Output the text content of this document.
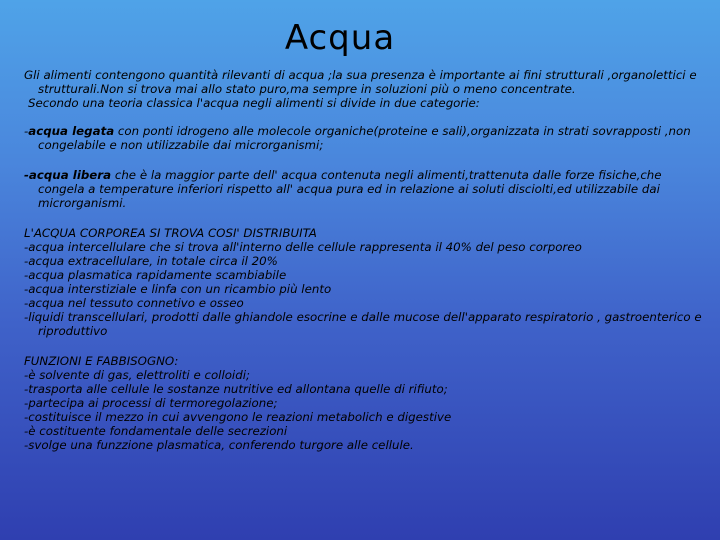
Acqua

Gli alimenti contengono quantità rilevanti di acqua ;la sua presenza è importante ai fini strutturali ,organolettici e strutturali.Non si trova mai allo stato puro,ma sempre in soluzioni più o meno concentrate.

Secondo una teoria classica l'acqua negli alimenti si divide in due categorie:

-acqua legata con ponti idrogeno alle molecole organiche(proteine e sali),organizzata in strati sovrapposti ,non congelabile e non utilizzabile dai microrganismi;

-acqua libera che è la maggior parte dell' acqua contenuta negli alimenti,trattenuta dalle forze fisiche,che congela a temperature inferiori rispetto all' acqua pura ed in relazione ai soluti disciolti,ed utilizzabile dai microrganismi.

L'ACQUA CORPOREA SI TROVA COSI' DISTRIBUITA

-acqua intercellulare che si trova all'interno delle cellule rappresenta il 40% del peso corporeo

-acqua extracellulare, in totale circa il 20%

-acqua plasmatica rapidamente scambiabile

-acqua interstiziale e linfa con un ricambio più lento

-acqua nel tessuto connetivo e osseo

-liquidi transcellulari, prodotti dalle ghiandole esocrine e dalle mucose dell'apparato respiratorio , gastroenterico e riproduttivo

FUNZIONI E FABBISOGNO:

-è solvente di gas, elettroliti e colloidi;

-trasporta alle cellule le sostanze nutritive ed allontana quelle di rifiuto;

-partecipa ai processi di termoregolazione;

-costituisce il mezzo in cui avvengono le reazioni metabolich e digestive

-è costituente fondamentale delle secrezioni

-svolge una funzzione plasmatica, conferendo turgore alle cellule.
